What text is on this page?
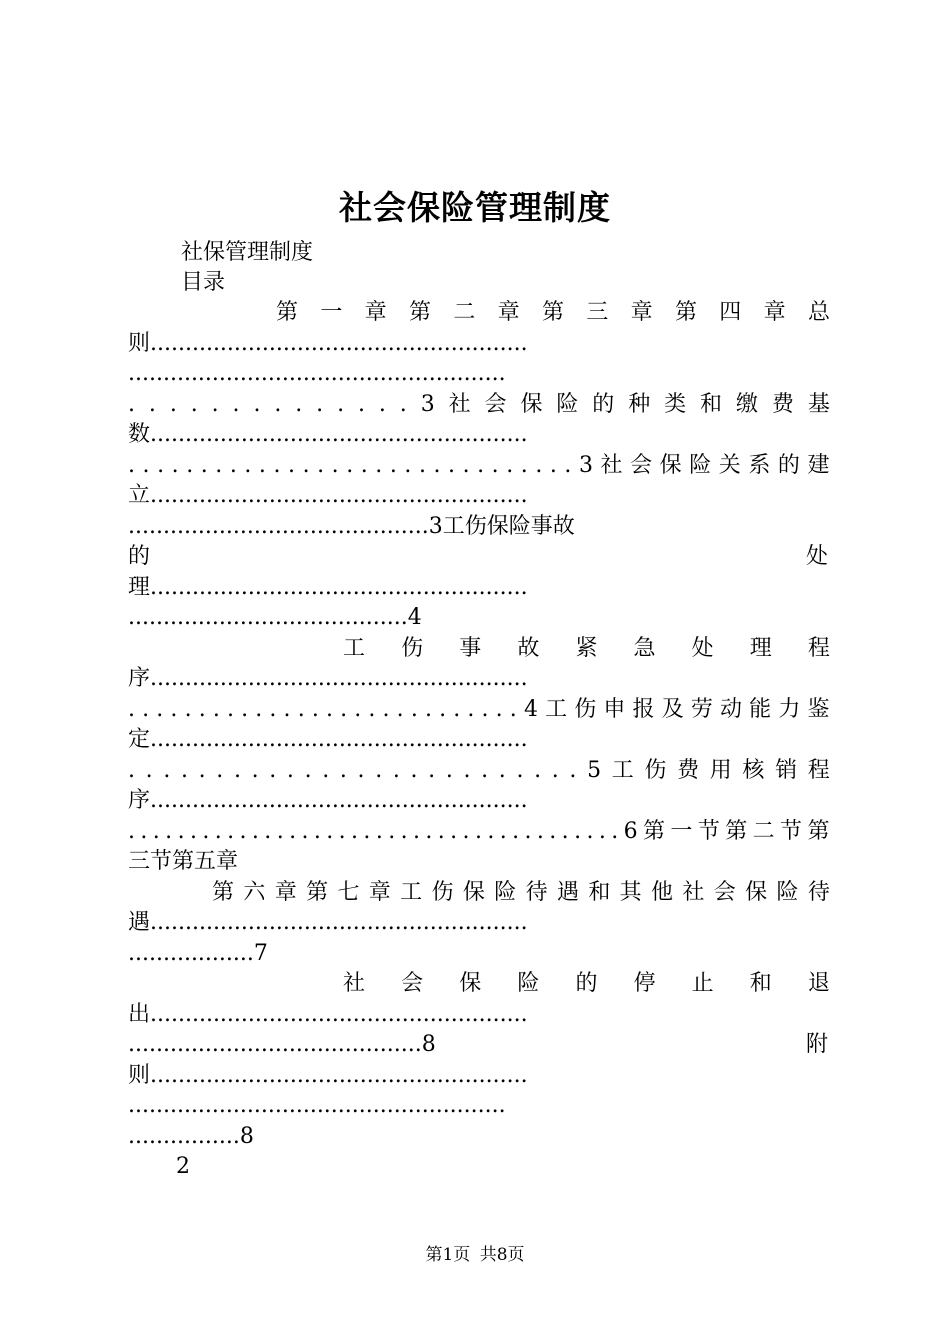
社会保险管理制度
社保管理制度
目录
第 一 章 第 二 章 第 三 章 第 四 章 总
则......................................................
......................................................
. . . . . . . . . . . . . . 3 社 会 保 险 的 种 类 和 缴 费 基
数......................................................
. . . . . . . . . . . . . . . . . . . . . . . . . . . . . . . 3 社 会 保 险 关 系 的 建
立......................................................
...........................................3工伤保险事故
的	处
理......................................................
........................................4
工 伤 事 故 紧 急 处 理 程
序......................................................
. . . . . . . . . . . . . . . . . . . . . . . . . . . . 4 工 伤 申 报 及 劳 动 能 力 鉴
定......................................................
. . . . . . . . . . . . . . . . . . . . . . . . . . 5 工 伤 费 用 核 销 程
序......................................................
. . . . . . . . . . . . . . . . . . . . . . . . . . . . . . . . . . . . . . . . 6 第 一 节 第 二 节 第
三节第五章
第 六 章 第 七 章 工 伤 保 险 待 遇 和 其 他 社 会 保 险 待
遇......................................................
..................7
社 会 保 险 的 停 止 和 退
出......................................................
..........................................8	附
则......................................................
......................................................
................8
2
第1页 共8页
